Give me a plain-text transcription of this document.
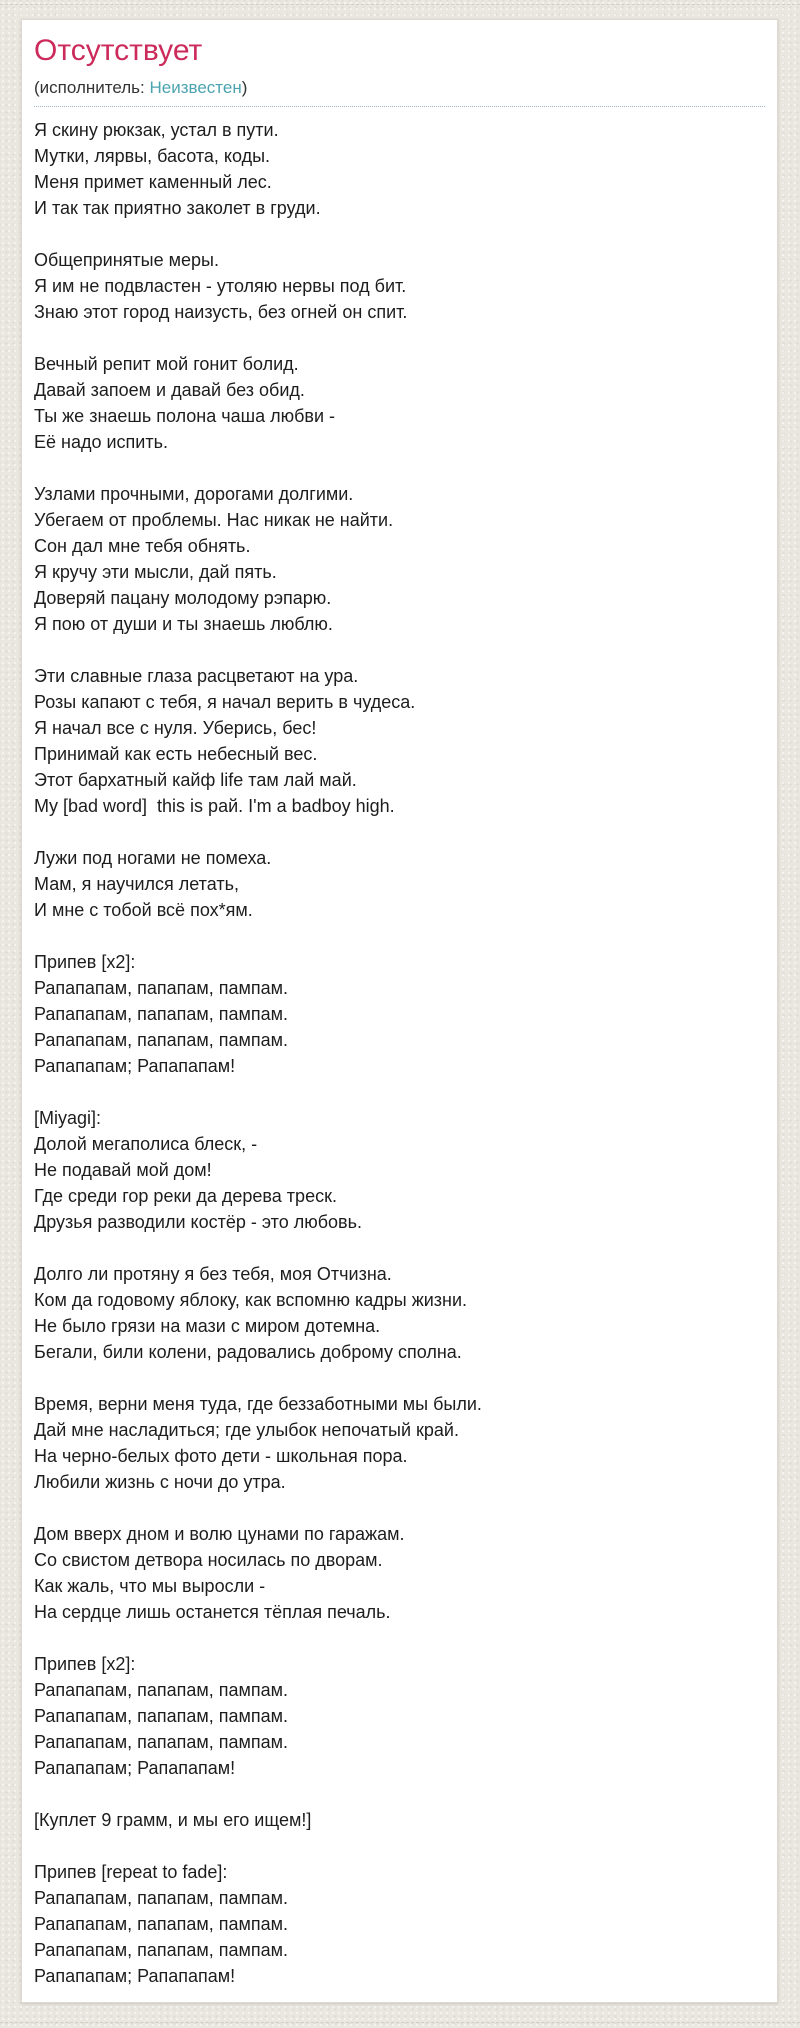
Отсутствует

(исполнитель: Неизвестен)

Я скину рюкзак, устал в пути.
Мутки, лярвы, басота, коды.
Меня примет каменный лес.
И так так приятно заколет в груди.

Общепринятые меры.
Я им не подвластен - утоляю нервы под бит.
Знаю этот город наизусть, без огней он спит.

Вечный репит мой гонит болид.
Давай запоем и давай без обид.
Ты же знаешь полона чаша любви -
Её надо испить.

Узлами прочными, дорогами долгими.
Убегаем от проблемы. Нас никак не найти.
Сон дал мне тебя обнять.
Я кручу эти мысли, дай пять.
Доверяй пацану молодому рэпарю.
Я пою от души и ты знаешь люблю.

Эти славные глаза расцветают на ура.
Розы капают с тебя, я начал верить в чудеса.
Я начал все с нуля. Уберись, бес!
Принимай как есть небесный вес.
Этот бархатный кайф life там лай май.
My [bad word]  this is рай. I'm a badboy high.

Лужи под ногами не помеха.
Мам, я научился летать,
И мне с тобой всё пох*ям.

Припев [x2]:
Рапапапам, папапам, пампам.
Рапапапам, папапам, пампам.
Рапапапам, папапам, пампам.
Рапапапам; Рапапапам!

[Miyagi]:
Долой мегаполиса блеск, -
Не подавай мой дом!
Где среди гор реки да дерева треск.
Друзья разводили костёр - это любовь.

Долго ли протяну я без тебя, моя Отчизна.
Ком да годовому яблоку, как вспомню кадры жизни.
Не было грязи на мази с миром дотемна.
Бегали, били колени, радовались доброму сполна.

Время, верни меня туда, где беззаботными мы были.
Дай мне насладиться; где улыбок непочатый край.
На черно-белых фото дети - школьная пора.
Любили жизнь с ночи до утра.

Дом вверх дном и волю цунами по гаражам.
Со свистом детвора носилась по дворам.
Как жаль, что мы выросли -
На сердце лишь останется тёплая печаль.

Припев [x2]:
Рапапапам, папапам, пампам.
Рапапапам, папапам, пампам.
Рапапапам, папапам, пампам.
Рапапапам; Рапапапам!

[Куплет 9 грамм, и мы его ищем!]

Припев [repeat to fade]:
Рапапапам, папапам, пампам.
Рапапапам, папапам, пампам.
Рапапапам, папапам, пампам.
Рапапапам; Рапапапам!
